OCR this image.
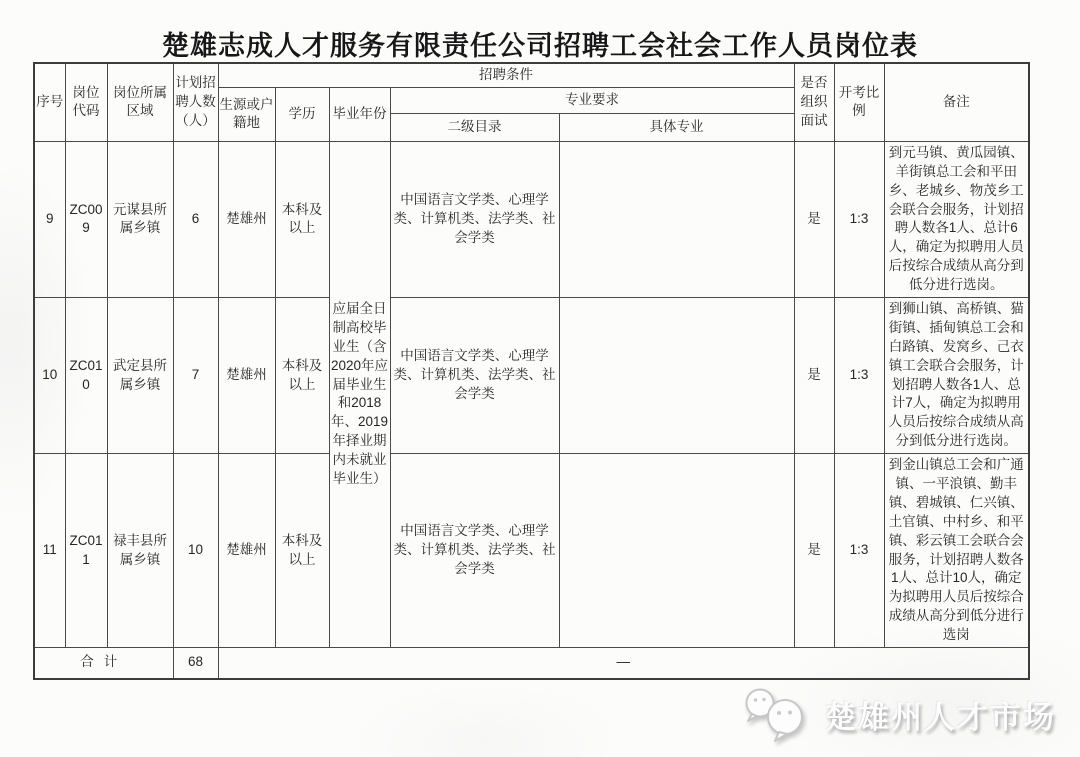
楚雄志成人才服务有限责任公司招聘工会社会工作人员岗位表
序号	岗位代码	岗位所属区域	计划招聘人数（人）	招聘条件					是否组织面试	开考比例	备注
				生源或户籍地	学历	毕业年份	专业要求				
							二级目录	具体专业			
9	ZC009	元谋县所属乡镇	6	楚雄州	本科及以上	应届全日制高校毕业生（含2020年应届毕业生和2018年、2019年择业期内未就业毕业生）	中国语言文学类、心理学类、计算机类、法学类、社会学类		是	1:3	到元马镇、黄瓜园镇、羊街镇总工会和平田乡、老城乡、物茂乡工会联合会服务，计划招聘人数各1人、总计6人，确定为拟聘用人员后按综合成绩从高分到低分进行选岗。
10	ZC010	武定县所属乡镇	7	楚雄州	本科及以上		中国语言文学类、心理学类、计算机类、法学类、社会学类		是	1:3	到狮山镇、高桥镇、猫街镇、插甸镇总工会和白路镇、发窝乡、己衣镇工会联合会服务，计划招聘人数各1人、总计7人，确定为拟聘用人员后按综合成绩从高分到低分进行选岗。
11	ZC011	禄丰县所属乡镇	10	楚雄州	本科及以上		中国语言文学类、心理学类、计算机类、法学类、社会学类		是	1:3	到金山镇总工会和广通镇、一平浪镇、勤丰镇、碧城镇、仁兴镇、土官镇、中村乡、和平镇、彩云镇工会联合会服务，计划招聘人数各1人、总计10人，确定为拟聘用人员后按综合成绩从高分到低分进行选岗
合计			68	—							
楚雄州人才市场
